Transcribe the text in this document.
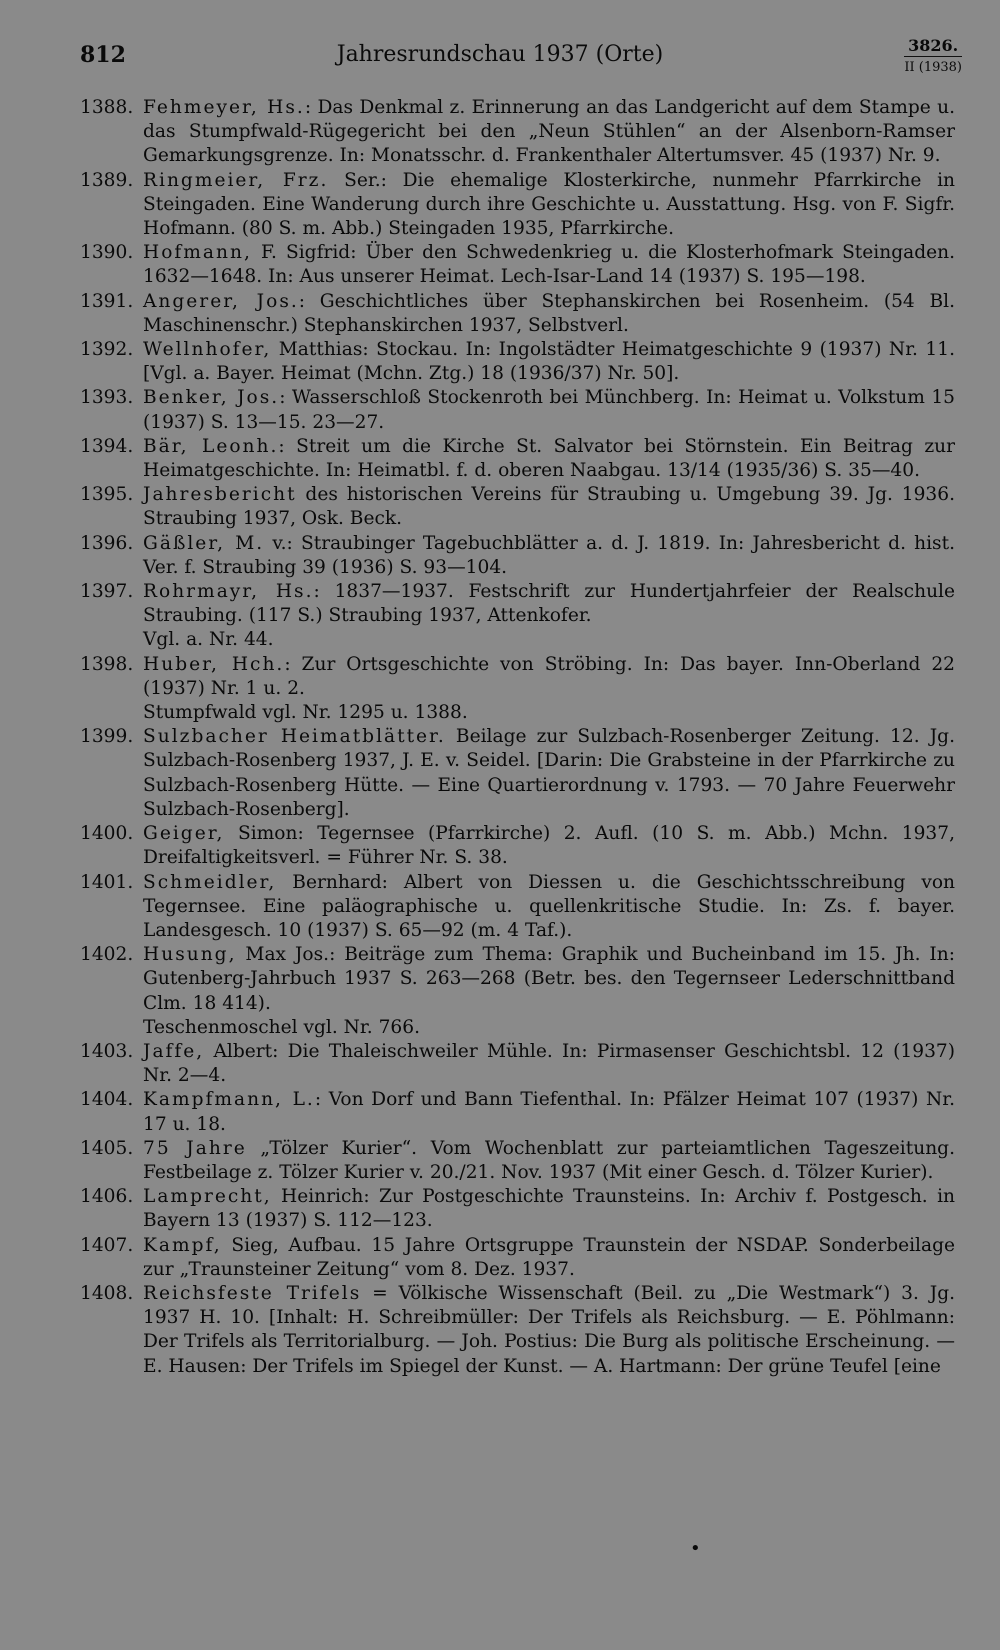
812	Jahresrundschau 1937 (Orte)	3826.
II (1938)
1388. Fehmeyer, Hs.: Das Denkmal z. Erinnerung an das Landgericht auf dem Stampe u. das Stumpfwald-Rügegericht bei den „Neun Stühlen“ an der Alsenborn-Ramser Gemarkungsgrenze. In: Monatsschr. d. Frankenthaler Altertumsver. 45 (1937) Nr. 9.
1389. Ringmeier, Frz. Ser.: Die ehemalige Klosterkirche, nunmehr Pfarrkirche in Steingaden. Eine Wanderung durch ihre Geschichte u. Ausstattung. Hsg. von F. Sigfr. Hofmann. (80 S. m. Abb.) Steingaden 1935, Pfarrkirche.
1390. Hofmann, F. Sigfrid: Über den Schwedenkrieg u. die Klosterhofmark Steingaden. 1632—1648. In: Aus unserer Heimat. Lech-Isar-Land 14 (1937) S. 195—198.
1391. Angerer, Jos.: Geschichtliches über Stephanskirchen bei Rosenheim. (54 Bl. Maschinenschr.) Stephanskirchen 1937, Selbstverl.
1392. Wellnhofer, Matthias: Stockau. In: Ingolstädter Heimatgeschichte 9 (1937) Nr. 11. [Vgl. a. Bayer. Heimat (Mchn. Ztg.) 18 (1936/37) Nr. 50].
1393. Benker, Jos.: Wasserschloß Stockenroth bei Münchberg. In: Heimat u. Volkstum 15 (1937) S. 13—15. 23—27.
1394. Bär, Leonh.: Streit um die Kirche St. Salvator bei Störnstein. Ein Beitrag zur Heimatgeschichte. In: Heimatbl. f. d. oberen Naabgau. 13/14 (1935/36) S. 35—40.
1395. Jahresbericht des historischen Vereins für Straubing u. Umgebung 39. Jg. 1936. Straubing 1937, Osk. Beck.
1396. Gäßler, M. v.: Straubinger Tagebuchblätter a. d. J. 1819. In: Jahresbericht d. hist. Ver. f. Straubing 39 (1936) S. 93—104.
1397. Rohrmayr, Hs.: 1837—1937. Festschrift zur Hundertjahrfeier der Realschule Straubing. (117 S.) Straubing 1937, Attenkofer.
Vgl. a. Nr. 44.
1398. Huber, Hch.: Zur Ortsgeschichte von Ströbing. In: Das bayer. Inn-Oberland 22 (1937) Nr. 1 u. 2.
Stumpfwald vgl. Nr. 1295 u. 1388.
1399. Sulzbacher Heimatblätter. Beilage zur Sulzbach-Rosenberger Zeitung. 12. Jg. Sulzbach-Rosenberg 1937, J. E. v. Seidel. [Darin: Die Grabsteine in der Pfarrkirche zu Sulzbach-Rosenberg Hütte. — Eine Quartierordnung v. 1793. — 70 Jahre Feuerwehr Sulzbach-Rosenberg].
1400. Geiger, Simon: Tegernsee (Pfarrkirche) 2. Aufl. (10 S. m. Abb.) Mchn. 1937, Dreifaltigkeitsverl. = Führer Nr. S. 38.
1401. Schmeidler, Bernhard: Albert von Diessen u. die Geschichtsschreibung von Tegernsee. Eine paläographische u. quellenkritische Studie. In: Zs. f. bayer. Landesgesch. 10 (1937) S. 65—92 (m. 4 Taf.).
1402. Husung, Max Jos.: Beiträge zum Thema: Graphik und Bucheinband im 15. Jh. In: Gutenberg-Jahrbuch 1937 S. 263—268 (Betr. bes. den Tegernseer Lederschnittband Clm. 18 414).
Teschenmoschel vgl. Nr. 766.
1403. Jaffe, Albert: Die Thaleischweiler Mühle. In: Pirmasenser Geschichtsbl. 12 (1937) Nr. 2—4.
1404. Kampfmann, L.: Von Dorf und Bann Tiefenthal. In: Pfälzer Heimat 107 (1937) Nr. 17 u. 18.
1405. 75 Jahre „Tölzer Kurier“. Vom Wochenblatt zur parteiamtlichen Tageszeitung. Festbeilage z. Tölzer Kurier v. 20./21. Nov. 1937 (Mit einer Gesch. d. Tölzer Kurier).
1406. Lamprecht, Heinrich: Zur Postgeschichte Traunsteins. In: Archiv f. Postgesch. in Bayern 13 (1937) S. 112—123.
1407. Kampf, Sieg, Aufbau. 15 Jahre Ortsgruppe Traunstein der NSDAP. Sonderbeilage zur „Traunsteiner Zeitung“ vom 8. Dez. 1937.
1408. Reichsfeste Trifels = Völkische Wissenschaft (Beil. zu „Die Westmark“) 3. Jg. 1937 H. 10. [Inhalt: H. Schreibmüller: Der Trifels als Reichsburg. — E. Pöhlmann: Der Trifels als Territorialburg. — Joh. Postius: Die Burg als politische Erscheinung. — E. Hausen: Der Trifels im Spiegel der Kunst. — A. Hartmann: Der grüne Teufel [eine
•
